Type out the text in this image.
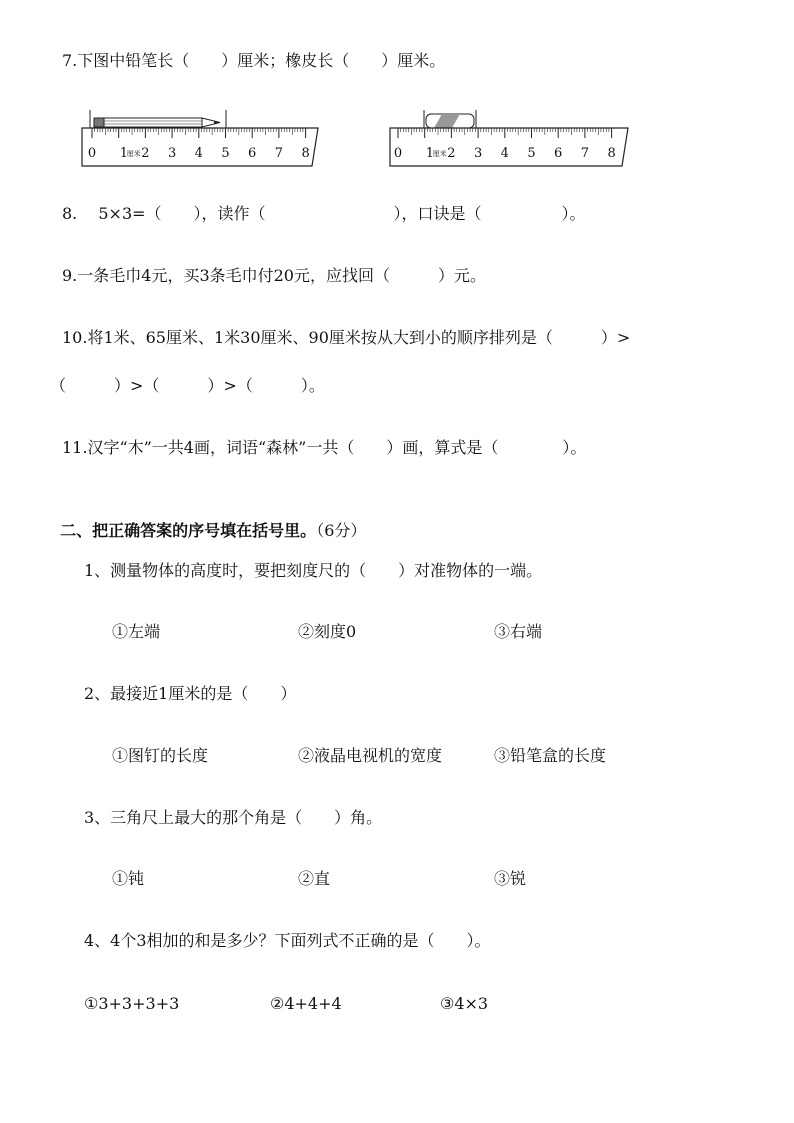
7.下图中铅笔长（　　）厘米；橡皮长（　　）厘米。
0 1 2 3 4 5 6 7 8
厘米	0 1 2 3 4 5 6 7 8
厘米
8.　 5×3=（　　），读作（　　　　　　　　），口诀是（　　　　　）。
9.一条毛巾4元，买3条毛巾付20元，应找回（　　　）元。
10.将1米、65厘米、1米30厘米、90厘米按从大到小的顺序排列是（　　　）>
（　　　）>（　　　）>（　　　）。
11.汉字“木”一共4画，词语“森林”一共（　　）画，算式是（　　　　）。

二、把正确答案的序号填在括号里。（6分）

1、测量物体的高度时，要把刻度尺的（　　）对准物体的一端。
①左端	②刻度0	③右端
2、最接近1厘米的是（　　）
①图钉的长度	②液晶电视机的宽度	③铅笔盒的长度
3、三角尺上最大的那个角是（　　）角。
①钝	②直	③锐
4、4个3相加的和是多少？下面列式不正确的是（　　）。
①3+3+3+3	②4+4+4	③4×3
